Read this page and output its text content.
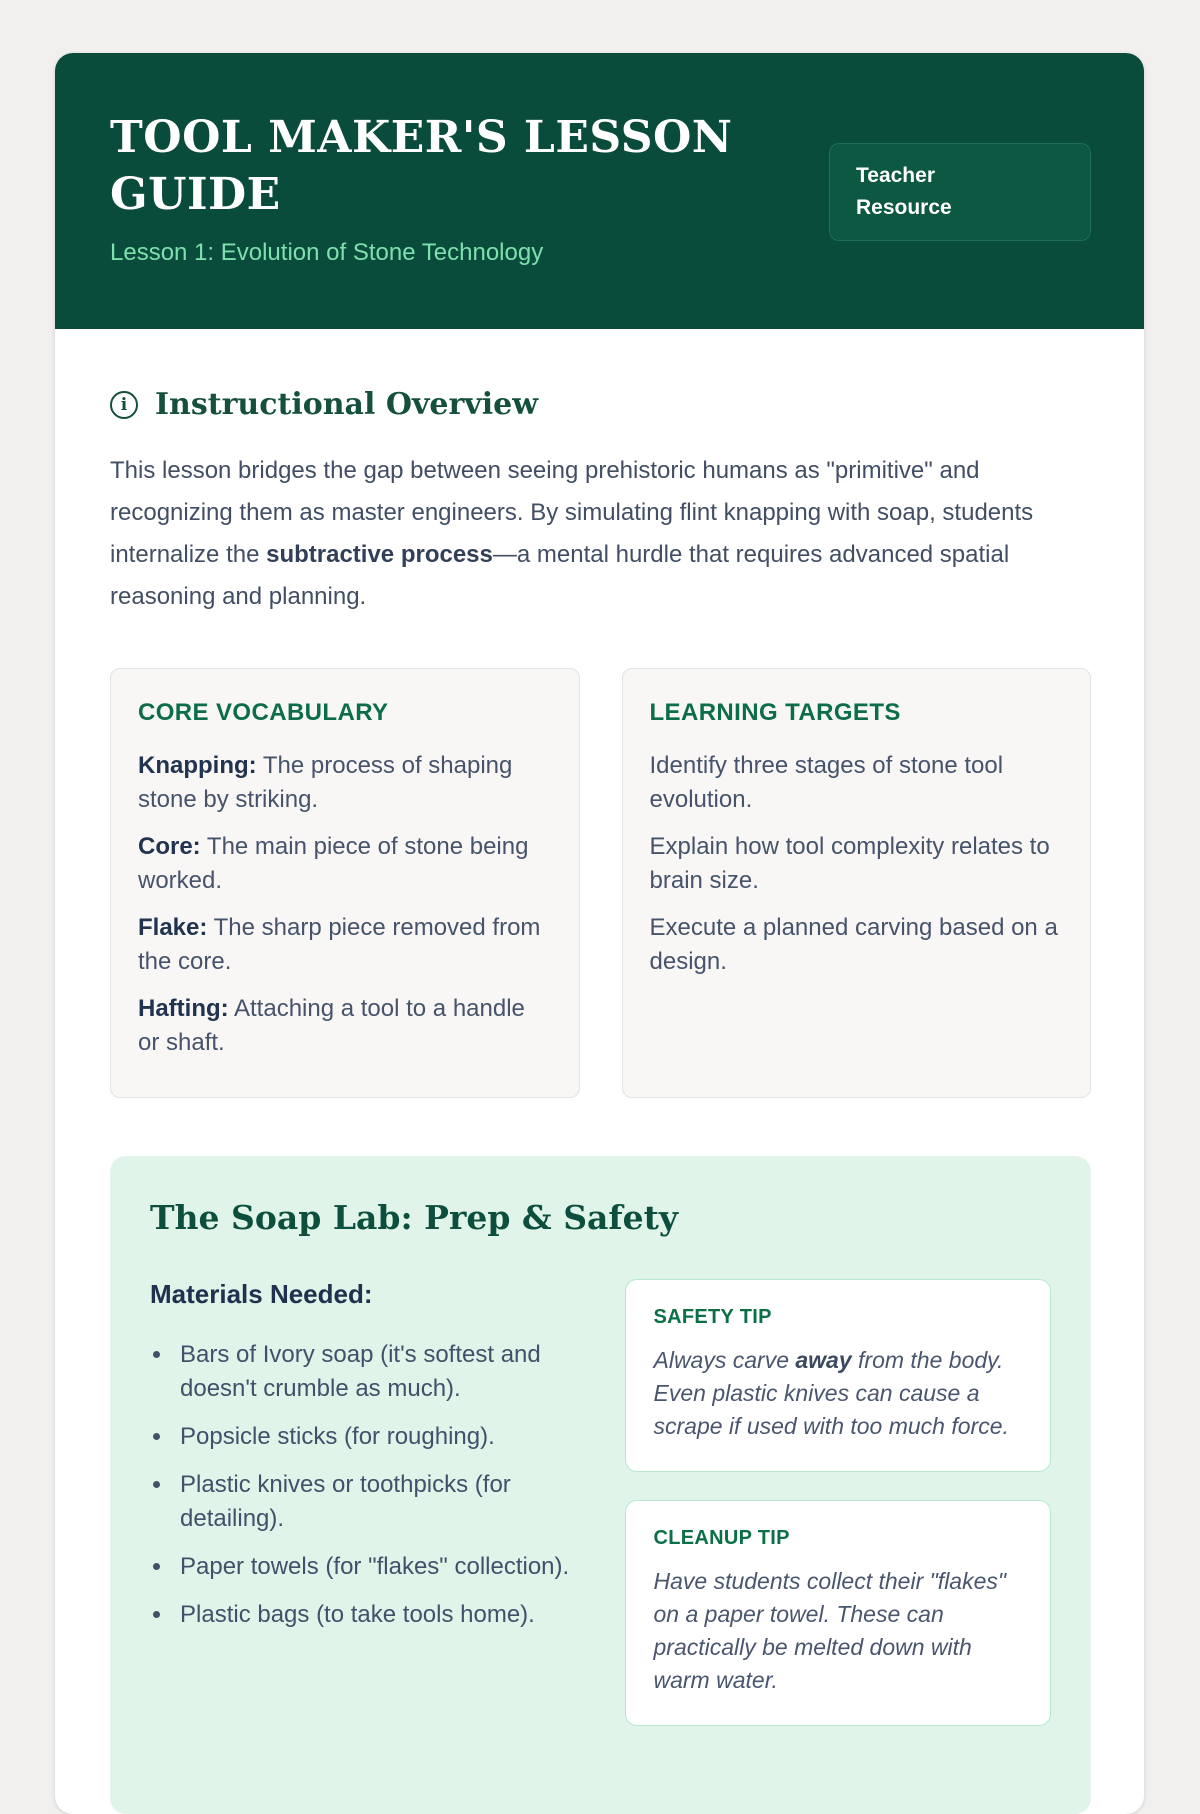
TOOL MAKER'S LESSON GUIDE
Lesson 1: Evolution of Stone Technology
Teacher Resource
i Instructional Overview

This lesson bridges the gap between seeing prehistoric humans as "primitive" and recognizing them as master engineers. By simulating flint knapping with soap, students internalize the subtractive process—a mental hurdle that requires advanced spatial reasoning and planning.

CORE VOCABULARY

Knapping: The process of shaping stone by striking.

Core: The main piece of stone being worked.

Flake: The sharp piece removed from the core.

Hafting: Attaching a tool to a handle or shaft.

LEARNING TARGETS

Identify three stages of stone tool evolution.

Explain how tool complexity relates to brain size.

Execute a planned carving based on a design.

The Soap Lab: Prep & Safety
Materials Needed:
• Bars of Ivory soap (it's softest and doesn't crumble as much).
• Popsicle sticks (for roughing).
• Plastic knives or toothpicks (for detailing).
• Paper towels (for "flakes" collection).
• Plastic bags (to take tools home).
SAFETY TIP

Always carve away from the body. Even plastic knives can cause a scrape if used with too much force.

CLEANUP TIP

Have students collect their "flakes" on a paper towel. These can practically be melted down with warm water.
